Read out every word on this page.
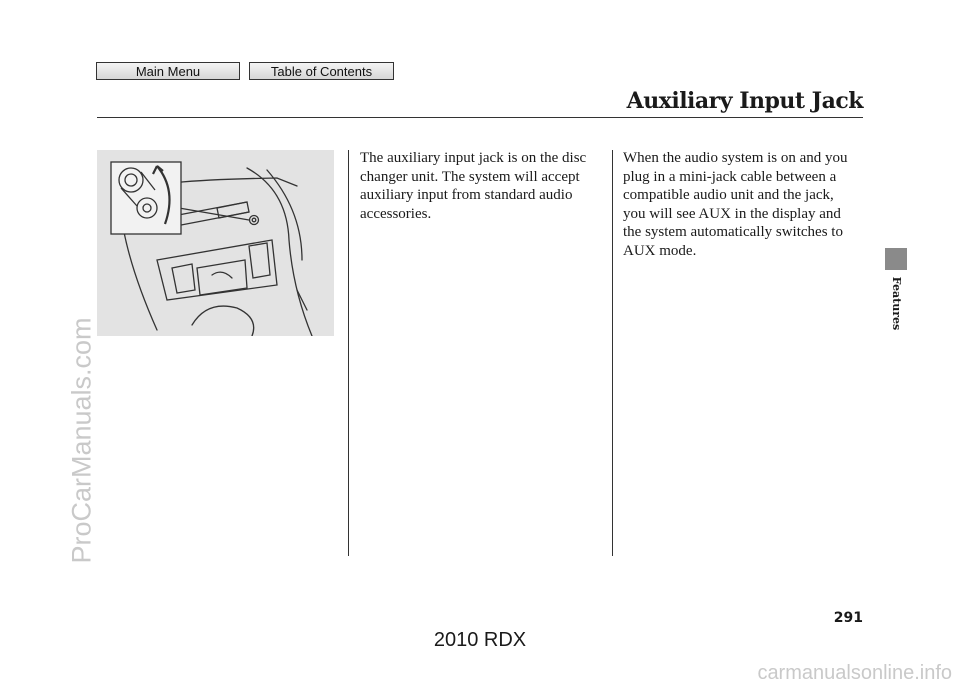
Main Menu	Table of Contents
Auxiliary Input Jack
The auxiliary input jack is on the disc
changer unit. The system will accept
auxiliary input from standard audio
accessories.
When the audio system is on and you
plug in a mini-jack cable between a
compatible audio unit and the jack,
you will see AUX in the display and
the system automatically switches to
AUX mode.
Features
291
ProCarManuals.com
2010 RDX
carmanualsonline.info
